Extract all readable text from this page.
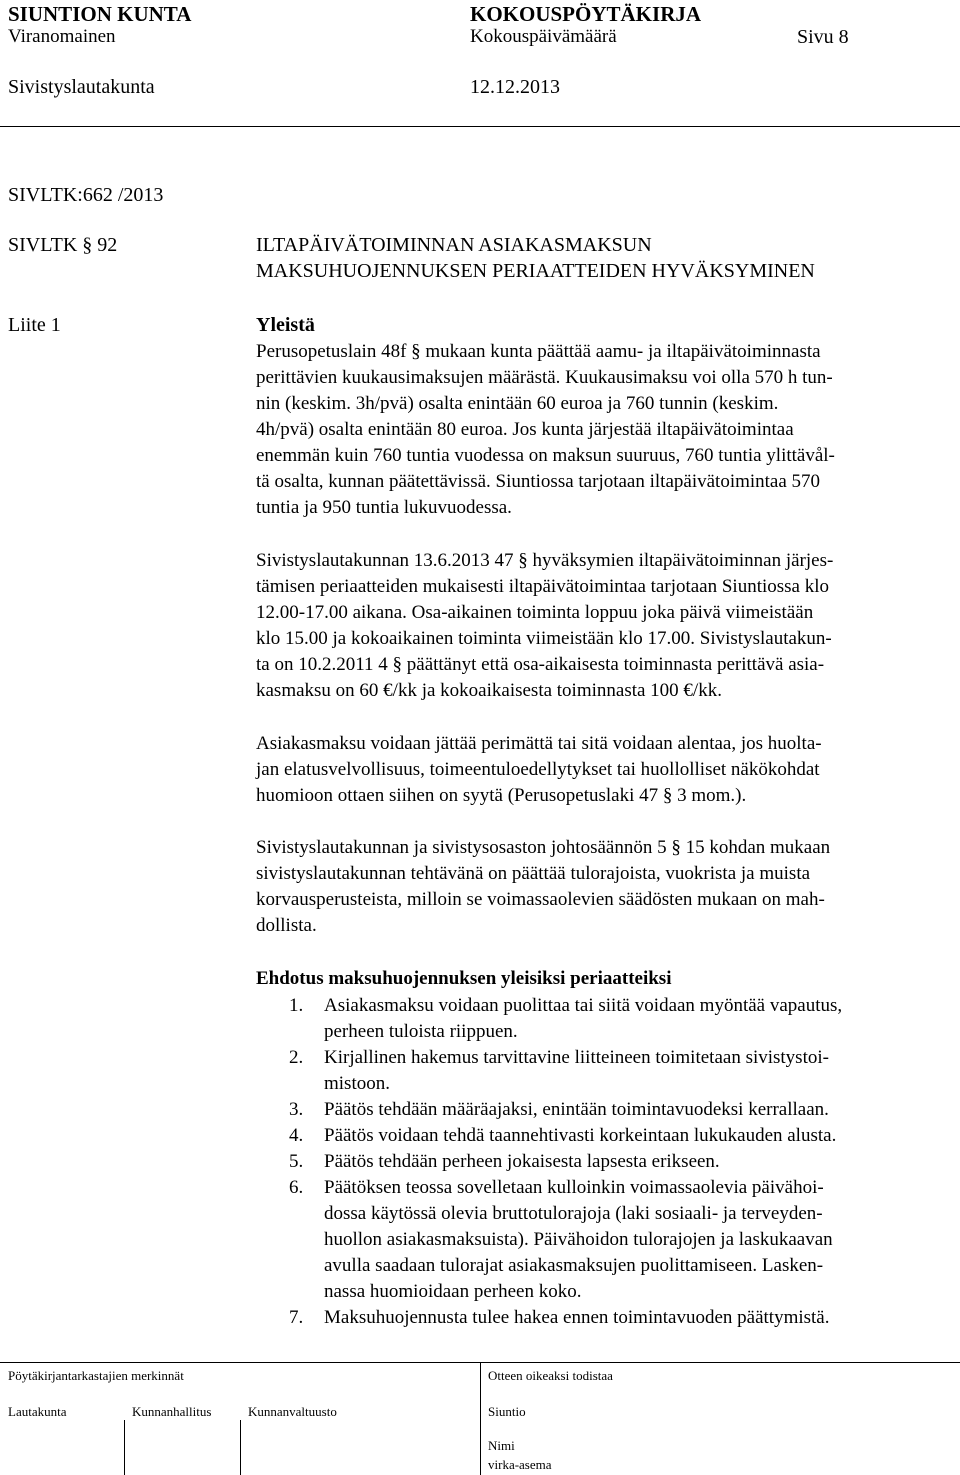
SIUNTION KUNTA	KOKOUSPÖYTÄKIRJA
Viranomainen	Kokouspäivämäärä	Sivu 8
Sivistyslautakunta	12.12.2013
SIVLTK:662 /2013
SIVLTK § 92	ILTAPÄIVÄTOIMINNAN ASIAKASMAKSUN
MAKSUHUOJENNUKSEN PERIAATTEIDEN HYVÄKSYMINEN
Liite 1	Yleistä
Perusopetuslain 48f § mukaan kunta päättää aamu- ja iltapäivätoiminnasta
perittävien kuukausimaksujen määrästä. Kuukausimaksu voi olla 570 h tun-
nin (keskim. 3h/pvä) osalta enintään 60 euroa ja 760 tunnin (keskim.
4h/pvä) osalta enintään 80 euroa. Jos kunta järjestää iltapäivätoimintaa
enemmän kuin 760 tuntia vuodessa on maksun suuruus, 760 tuntia ylittävål-
tä osalta, kunnan päätettävissä. Siuntiossa tarjotaan iltapäivätoimintaa 570
tuntia ja 950 tuntia lukuvuodessa.
Sivistyslautakunnan 13.6.2013 47 § hyväksymien iltapäivätoiminnan järjes-
tämisen periaatteiden mukaisesti iltapäivätoimintaa tarjotaan Siuntiossa klo
12.00-17.00 aikana. Osa-aikainen toiminta loppuu joka päivä viimeistään
klo 15.00 ja kokoaikainen toiminta viimeistään klo 17.00. Sivistyslautakun-
ta on 10.2.2011 4 § päättänyt että osa-aikaisesta toiminnasta perittävä asia-
kasmaksu on 60 €/kk ja kokoaikaisesta toiminnasta 100 €/kk.
Asiakasmaksu voidaan jättää perimättä tai sitä voidaan alentaa, jos huolta-
jan elatusvelvollisuus, toimeentuloedellytykset tai huollolliset näkökohdat
huomioon ottaen siihen on syytä (Perusopetuslaki 47 § 3 mom.).
Sivistyslautakunnan ja sivistysosaston johtosäännön 5 § 15 kohdan mukaan
sivistyslautakunnan tehtävänä on päättää tulorajoista, vuokrista ja muista
korvausperusteista, milloin se voimassaolevien säädösten mukaan on mah-
dollista.
Ehdotus maksuhuojennuksen yleisiksi periaatteiksi
1. Asiakasmaksu voidaan puolittaa tai siitä voidaan myöntää vapautus,
perheen tuloista riippuen.
2. Kirjallinen hakemus tarvittavine liitteineen toimitetaan sivistystoi-
mistoon.
3. Päätös tehdään määräajaksi, enintään toimintavuodeksi kerrallaan.
4. Päätös voidaan tehdä taannehtivasti korkeintaan lukukauden alusta.
5. Päätös tehdään perheen jokaisesta lapsesta erikseen.
6. Päätöksen teossa sovelletaan kulloinkin voimassaolevia päivähoi-
dossa käytössä olevia bruttotulorajoja (laki sosiaali- ja terveyden-
huollon asiakasmaksuista). Päivähoidon tulorajojen ja laskukaavan
avulla saadaan tulorajat asiakasmaksujen puolittamiseen. Lasken-
nassa huomioidaan perheen koko.
7. Maksuhuojennusta tulee hakea ennen toimintavuoden päättymistä.
Pöytäkirjantarkastajien merkinnät	Otteen oikeaksi todistaa
Lautakunta	Kunnanhallitus	Kunnanvaltuusto	Siuntio
Nimi
virka-asema
